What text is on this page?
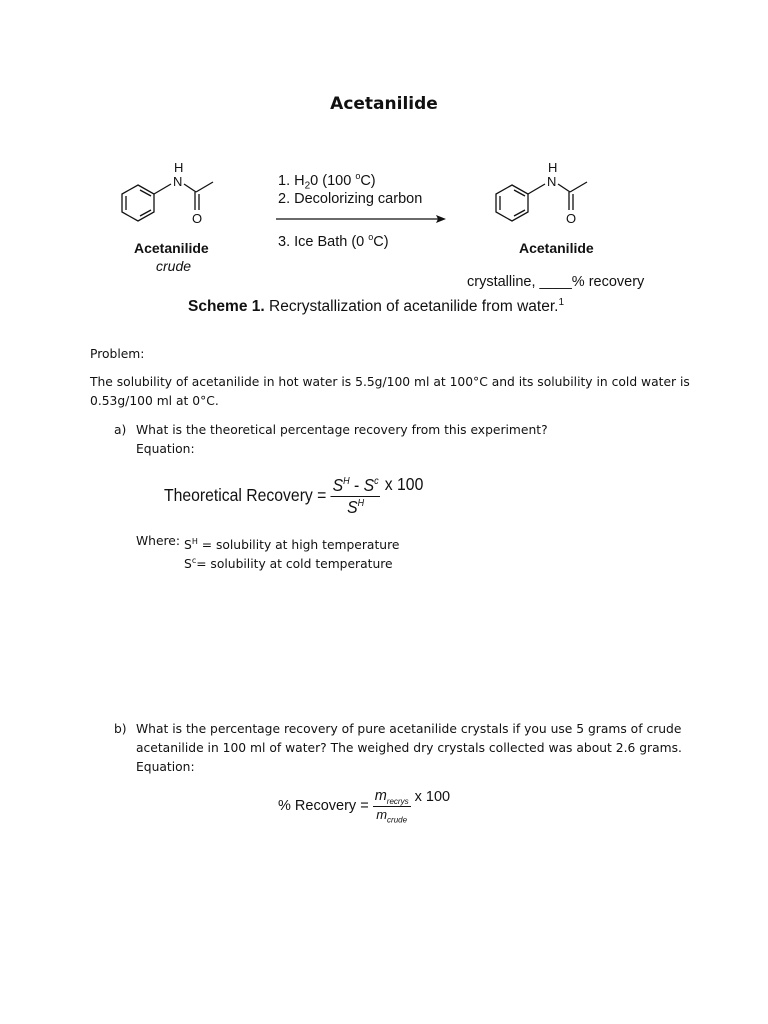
Acetanilide
H
N
O
Acetanilide
crude
1. $H_20$ (100 $^o$C)
2. Decolorizing carbon
3. Ice Bath (0 $^o$C)
H
N
O
Acetanilide
crystalline, ____% recovery
Scheme 1. Recrystallization of acetanilide from water.$^1$
Problem:
The solubility of acetanilide in hot water is 5.5g/100 ml at 100°C and its solubility in cold water is
0.53g/100 ml at 0°C.
a) What is the theoretical percentage recovery from this experiment?
Equation:
Theoretical Recovery = $\frac{S^H - S^c}{S^H}$ x 100
Where: $S^H$ = solubility at high temperature
$S^c=$ solubility at cold temperature
b) What is the percentage recovery of pure acetanilide crystals if you use 5 grams of crude
acetanilide in 100 ml of water? The weighed dry crystals collected was about 2.6 grams.
Equation:
% Recovery = $\frac{m_{recrys}}{m_{crude}}$ x 100
